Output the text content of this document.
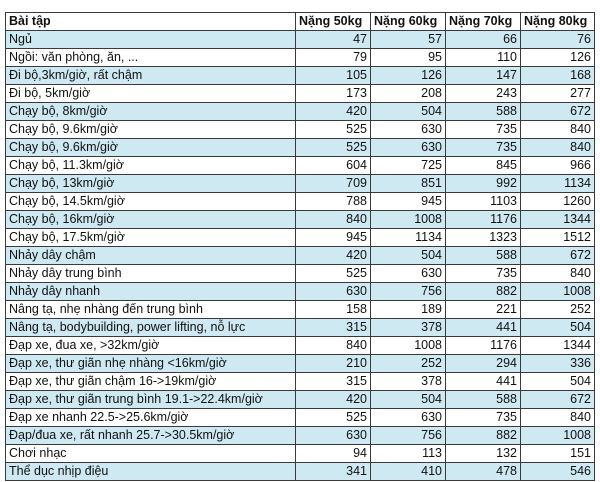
Bài tập	Nặng 50kg	Nặng 60kg	Nặng 70kg	Nặng 80kg
Ngủ	47	57	66	76
Ngồi: văn phòng, ăn, ...	79	95	110	126
Đi bộ,3km/giờ, rất chậm	105	126	147	168
Đi bộ, 5km/giờ	173	208	243	277
Chạy bộ, 8km/giờ	420	504	588	672
Chạy bộ, 9.6km/giờ	525	630	735	840
Chạy bộ, 9.6km/giờ	525	630	735	840
Chạy bộ, 11.3km/giờ	604	725	845	966
Chạy bộ, 13km/giờ	709	851	992	1134
Chạy bộ, 14.5km/giờ	788	945	1103	1260
Chạy bộ, 16km/giờ	840	1008	1176	1344
Chạy bộ, 17.5km/giờ	945	1134	1323	1512
Nhảy dây chậm	420	504	588	672
Nhảy dây trung bình	525	630	735	840
Nhảy dây nhanh	630	756	882	1008
Nâng tạ, nhẹ nhàng đến trung bình	158	189	221	252
Nâng tạ, bodybuilding, power lifting, nỗ lực	315	378	441	504
Đạp xe, đua xe, >32km/giờ	840	1008	1176	1344
Đạp xe, thư giãn nhẹ nhàng <16km/giờ	210	252	294	336
Đạp xe, thư giãn chậm 16->19km/giờ	315	378	441	504
Đạp xe, thư giãn trung bình 19.1->22.4km/giờ	420	504	588	672
Đạp xe nhanh 22.5->25.6km/giờ	525	630	735	840
Đạp/đua xe, rất nhanh 25.7->30.5km/giờ	630	756	882	1008
Chơi nhạc	94	113	132	151
Thể dục nhịp điệu	341	410	478	546
